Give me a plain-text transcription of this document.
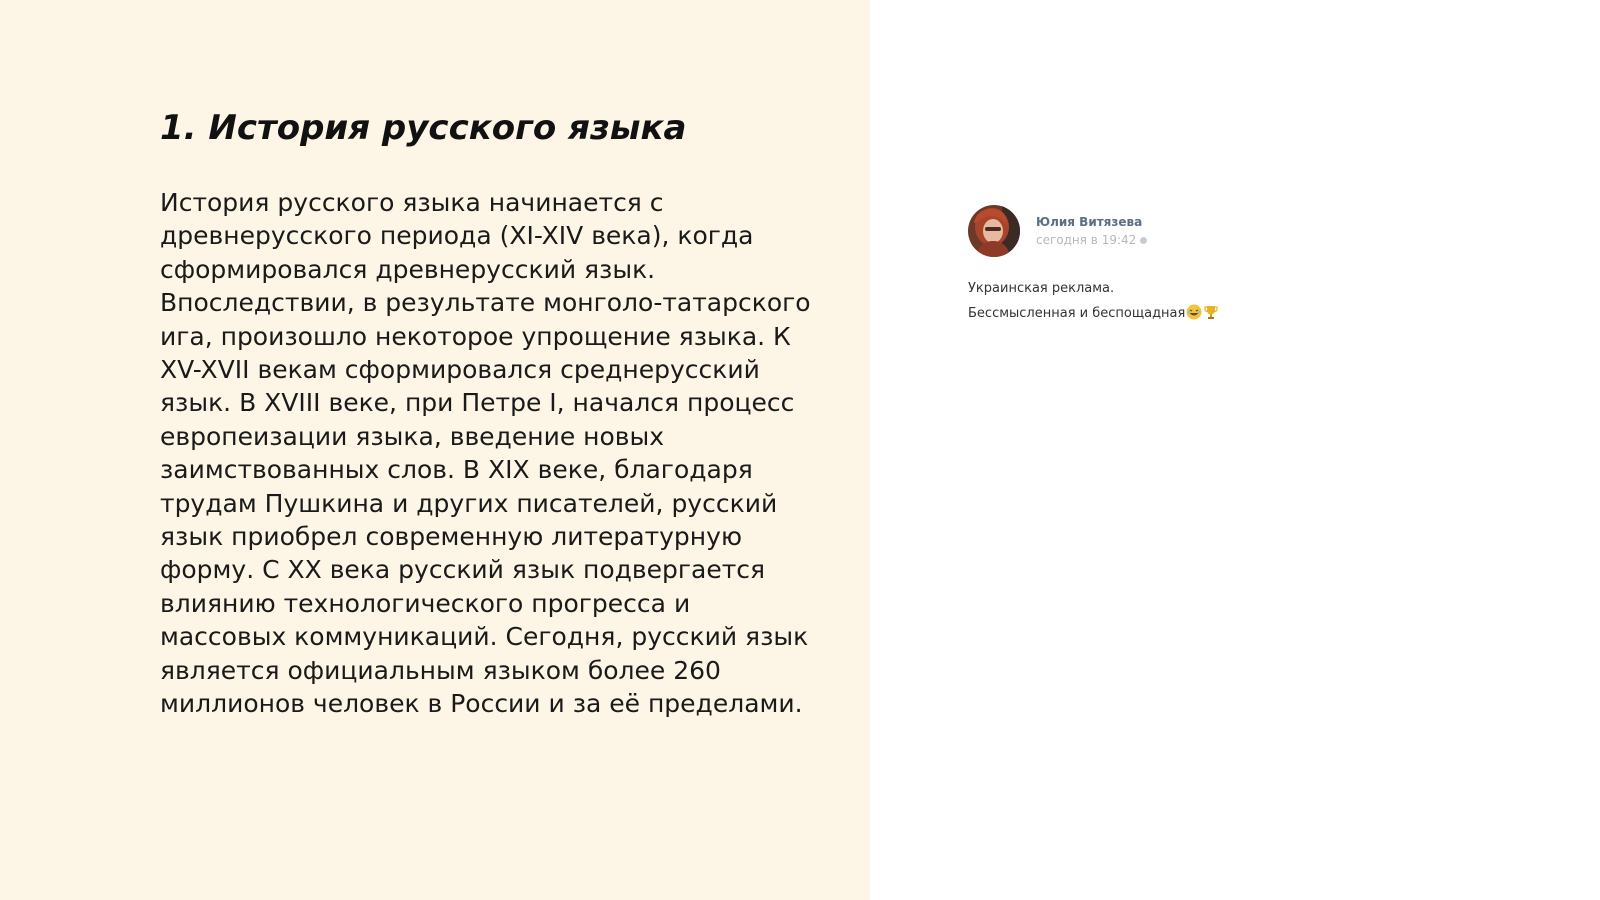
1. История русского языка
История русского языка начинается с
древнерусского периода (XI-XIV века), когда
сформировался древнерусский язык.
Впоследствии, в результате монголо-татарского
ига, произошло некоторое упрощение языка. К
XV-XVII векам сформировался среднерусский
язык. В XVIII веке, при Петре I, начался процесс
европеизации языка, введение новых
заимствованных слов. В XIX веке, благодаря
трудам Пушкина и других писателей, русский
язык приобрел современную литературную
форму. С XX века русский язык подвергается
влиянию технологического прогресса и
массовых коммуникаций. Сегодня, русский язык
является официальным языком более 260
миллионов человек в России и за её пределами.
Юлия Витязева
сегодня в 19:42
Украинская реклама.
Бессмысленная и беспощадная
